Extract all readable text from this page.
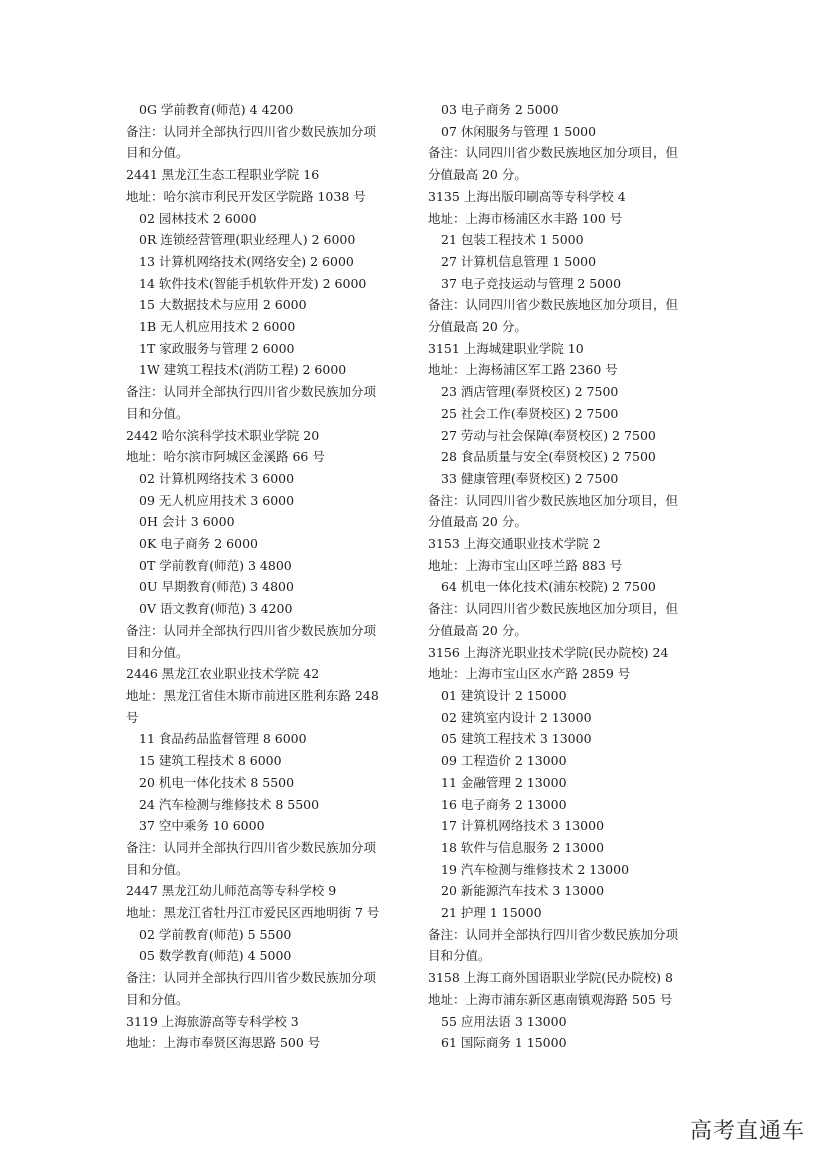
0G 学前教育(师范) 4 4200
备注：认同并全部执行四川省少数民族加分项
目和分值。
2441 黑龙江生态工程职业学院 16
地址：哈尔滨市利民开发区学院路 1038 号
02 园林技术 2 6000
0R 连锁经营管理(职业经理人) 2 6000
13 计算机网络技术(网络安全) 2 6000
14 软件技术(智能手机软件开发) 2 6000
15 大数据技术与应用 2 6000
1B 无人机应用技术 2 6000
1T 家政服务与管理 2 6000
1W 建筑工程技术(消防工程) 2 6000
备注：认同并全部执行四川省少数民族加分项
目和分值。
2442 哈尔滨科学技术职业学院 20
地址：哈尔滨市阿城区金溪路 66 号
02 计算机网络技术 3 6000
09 无人机应用技术 3 6000
0H 会计 3 6000
0K 电子商务 2 6000
0T 学前教育(师范) 3 4800
0U 早期教育(师范) 3 4800
0V 语文教育(师范) 3 4200
备注：认同并全部执行四川省少数民族加分项
目和分值。
2446 黑龙江农业职业技术学院 42
地址：黑龙江省佳木斯市前进区胜利东路 248
号
11 食品药品监督管理 8 6000
15 建筑工程技术 8 6000
20 机电一体化技术 8 5500
24 汽车检测与维修技术 8 5500
37 空中乘务 10 6000
备注：认同并全部执行四川省少数民族加分项
目和分值。
2447 黑龙江幼儿师范高等专科学校 9
地址：黑龙江省牡丹江市爱民区西地明街 7 号
02 学前教育(师范) 5 5500
05 数学教育(师范) 4 5000
备注：认同并全部执行四川省少数民族加分项
目和分值。
3119 上海旅游高等专科学校 3
地址：上海市奉贤区海思路 500 号
03 电子商务 2 5000
07 休闲服务与管理 1 5000
备注：认同四川省少数民族地区加分项目，但
分值最高 20 分。
3135 上海出版印刷高等专科学校 4
地址：上海市杨浦区水丰路 100 号
21 包装工程技术 1 5000
27 计算机信息管理 1 5000
37 电子竞技运动与管理 2 5000
备注：认同四川省少数民族地区加分项目，但
分值最高 20 分。
3151 上海城建职业学院 10
地址：上海杨浦区军工路 2360 号
23 酒店管理(奉贤校区) 2 7500
25 社会工作(奉贤校区) 2 7500
27 劳动与社会保障(奉贤校区) 2 7500
28 食品质量与安全(奉贤校区) 2 7500
33 健康管理(奉贤校区) 2 7500
备注：认同四川省少数民族地区加分项目，但
分值最高 20 分。
3153 上海交通职业技术学院 2
地址：上海市宝山区呼兰路 883 号
64 机电一体化技术(浦东校院) 2 7500
备注：认同四川省少数民族地区加分项目，但
分值最高 20 分。
3156 上海济光职业技术学院(民办院校) 24
地址：上海市宝山区水产路 2859 号
01 建筑设计 2 15000
02 建筑室内设计 2 13000
05 建筑工程技术 3 13000
09 工程造价 2 13000
11 金融管理 2 13000
16 电子商务 2 13000
17 计算机网络技术 3 13000
18 软件与信息服务 2 13000
19 汽车检测与维修技术 2 13000
20 新能源汽车技术 3 13000
21 护理 1 15000
备注：认同并全部执行四川省少数民族加分项
目和分值。
3158 上海工商外国语职业学院(民办院校) 8
地址：上海市浦东新区惠南镇观海路 505 号
55 应用法语 3 13000
61 国际商务 1 15000
高考直通车
